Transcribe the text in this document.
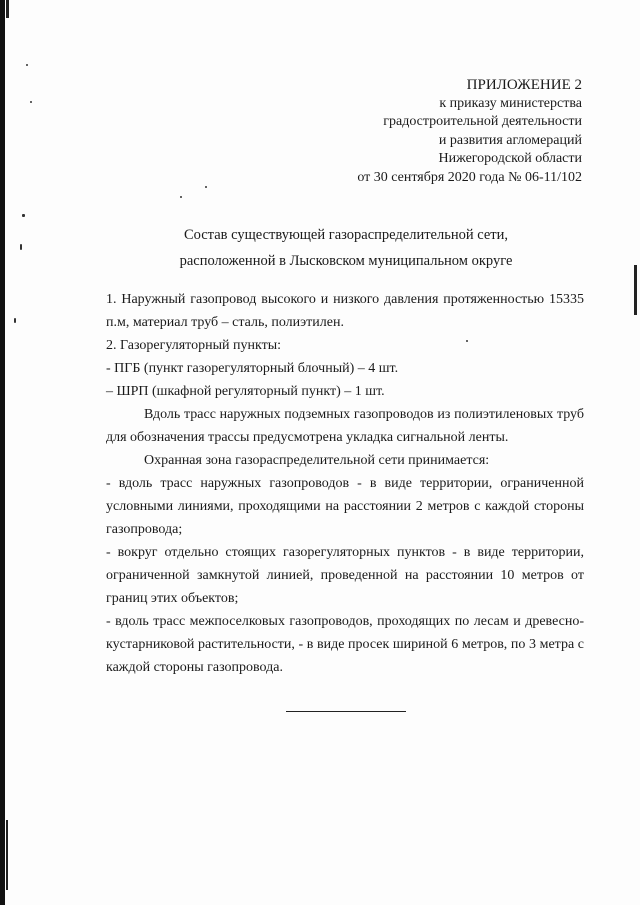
ПРИЛОЖЕНИЕ 2
к приказу министерства
градостроительной деятельности
и развития агломераций
Нижегородской области
от 30 сентября 2020 года № 06-11/102
Состав существующей газораспределительной сети,
расположенной в Лысковском муниципальном округе

1. Наружный газопровод высокого и низкого давления протяженностью 15335 п.м, материал труб – сталь, полиэтилен.

2. Газорегуляторный пункты:

- ПГБ (пункт газорегуляторный блочный) – 4 шт.

– ШРП (шкафной регуляторный пункт) – 1 шт.

Вдоль трасс наружных подземных газопроводов из полиэтиленовых труб для обозначения трассы предусмотрена укладка сигнальной ленты.

Охранная зона газораспределительной сети принимается:

- вдоль трасс наружных газопроводов - в виде территории, ограниченной условными линиями, проходящими на расстоянии 2 метров с каждой стороны газопровода;

- вокруг отдельно стоящих газорегуляторных пунктов - в виде территории, ограниченной замкнутой линией, проведенной на расстоянии 10 метров от границ этих объектов;

- вдоль трасс межпоселковых газопроводов, проходящих по лесам и древесно-кустарниковой растительности, - в виде просек шириной 6 метров, по 3 метра с каждой стороны газопровода.
